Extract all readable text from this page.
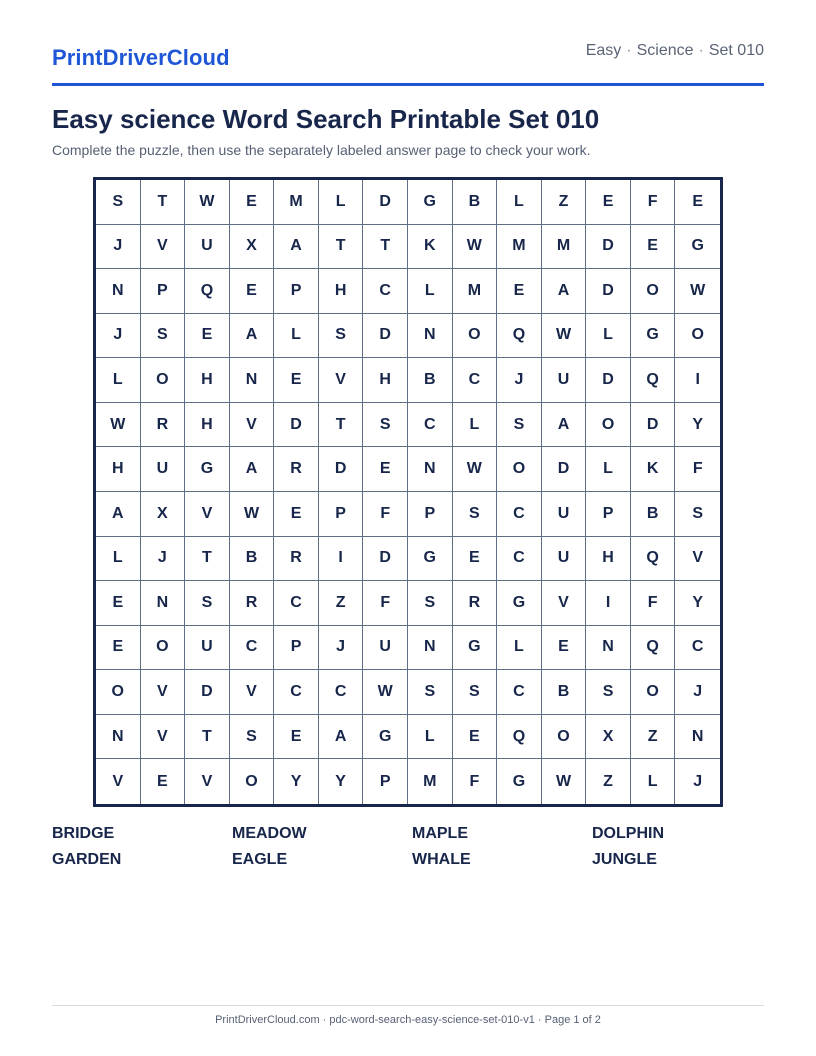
PrintDriverCloud	Easy · Science · Set 010
Easy science Word Search Printable Set 010
Complete the puzzle, then use the separately labeled answer page to check your work.
S	T	W	E	M	L	D	G	B	L	Z	E	F	E
J	V	U	X	A	T	T	K	W	M	M	D	E	G
N	P	Q	E	P	H	C	L	M	E	A	D	O	W
J	S	E	A	L	S	D	N	O	Q	W	L	G	O
L	O	H	N	E	V	H	B	C	J	U	D	Q	I
W	R	H	V	D	T	S	C	L	S	A	O	D	Y
H	U	G	A	R	D	E	N	W	O	D	L	K	F
A	X	V	W	E	P	F	P	S	C	U	P	B	S
L	J	T	B	R	I	D	G	E	C	U	H	Q	V
E	N	S	R	C	Z	F	S	R	G	V	I	F	Y
E	O	U	C	P	J	U	N	G	L	E	N	Q	C
O	V	D	V	C	C	W	S	S	C	B	S	O	J
N	V	T	S	E	A	G	L	E	Q	O	X	Z	N
V	E	V	O	Y	Y	P	M	F	G	W	Z	L	J
BRIDGE	MEADOW	MAPLE	DOLPHIN
GARDEN	EAGLE	WHALE	JUNGLE
PrintDriverCloud.com · pdc-word-search-easy-science-set-010-v1 · Page 1 of 2
